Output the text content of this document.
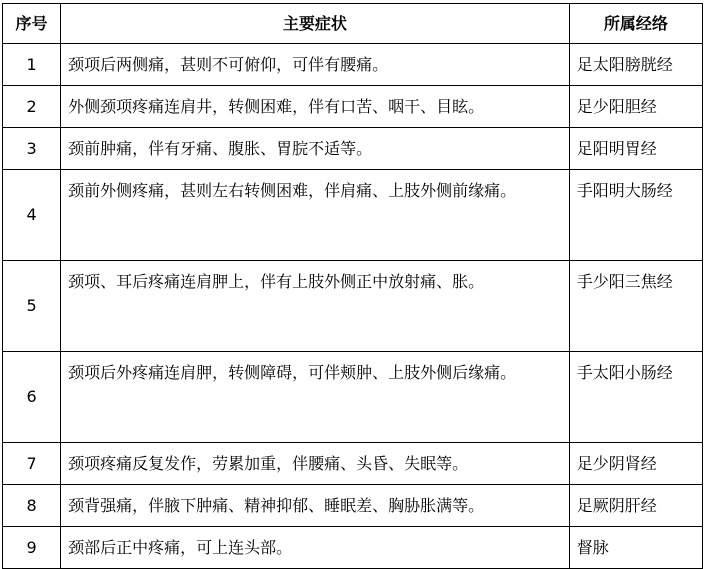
序号	主要症状	所属经络
1	颈项后两侧痛，甚则不可俯仰，可伴有腰痛。	足太阳膀胱经
2	外侧颈项疼痛连肩井，转侧困难，伴有口苦、咽干、目眩。	足少阳胆经
3	颈前肿痛，伴有牙痛、腹胀、胃脘不适等。	足阳明胃经
4	颈前外侧疼痛，甚则左右转侧困难，伴肩痛、上肢外侧前缘痛。	手阳明大肠经
5	颈项、耳后疼痛连肩胛上，伴有上肢外侧正中放射痛、胀。	手少阳三焦经
6	颈项后外疼痛连肩胛，转侧障碍，可伴颊肿、上肢外侧后缘痛。	手太阳小肠经
7	颈项疼痛反复发作，劳累加重，伴腰痛、头昏、失眠等。	足少阴肾经
8	颈背强痛，伴腋下肿痛、精神抑郁、睡眠差、胸胁胀满等。	足厥阴肝经
9	颈部后正中疼痛，可上连头部。	督脉
